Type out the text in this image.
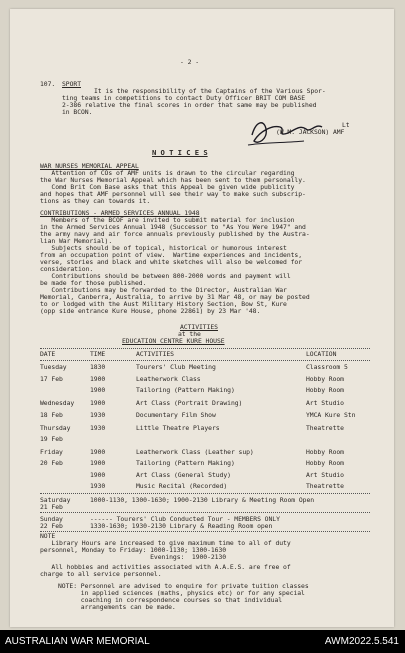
- 2 -
107. SPORT
It is the responsibility of the Captains of the Various Spor-
ting teams in competitions to contact Duty Officer BRIT COM BASE
2-386 relative the final scores in order that same may be published
in BCON.
Lt
(W.M. JACKSON) AMF
N O T I C E S
WAR NURSES MEMORIAL APPEAL
Attention of COs of AMF units is drawn to the circular regarding
the War Nurses Memorial Appeal which has been sent to them personally.
Comd Brit Com Base asks that this Appeal be given wide publicity
and hopes that AMF personnel will see their way to make such subscrip-
tions as they can towards it.
CONTRIBUTIONS - ARMED SERVICES ANNUAL 1948
Members of the BCOF are invited to submit material for inclusion
in the Armed Services Annual 1948 (Successor to "As You Were 1947" and
the army navy and air force annuals previously published by the Austra-
lian War Memorial).
Subjects should be of topical, historical or humorous interest
from an occupation point of view.  Wartime experiences and incidents,
verse, stories and black and white sketches will also be welcomed for
consideration.
Contributions should be between 800-2000 words and payment will
be made for those published.
Contributions may be forwarded to the Director, Australian War
Memorial, Canberra, Australia, to arrive by 31 Mar 48, or may be posted
to or lodged with the Aust Military History Section, Bow St, Kure
(opp side entrance Kure House, phone 22861) by 23 Mar '48.
ACTIVITIES
at the
EDUCATION CENTRE KURE HOUSE
DATE	TIME	ACTIVITIES	LOCATION
Tuesday	1830	Tourers' Club Meeting	Classroom 5
17 Feb	1900	Leatherwork Class	Hobby Room
1900	Tailoring (Pattern Making)	Hobby Room
Wednesday 1900	Art Class (Portrait Drawing)	Art Studio
18 Feb	1930	Documentary Film Show	YMCA Kure Stn
Thursday	1930	Little Theatre Players	Theatrette
19 Feb
Friday	1900	Leatherwork Class (Leather sup)	Hobby Room
20 Feb	1900	Tailoring (Pattern Making)	Hobby Room
1900	Art Class (General Study)	Art Studio
1930	Music Recital (Recorded)	Theatrette
Saturday	1000-1130, 1300-1630; 1900-2130 Library & Meeting Room Open
21 Feb
Sunday	------ Tourers' Club Conducted Tour - MEMBERS ONLY
22 Feb	1330-1630; 1930-2130 Library & Reading Room open
NOTE
Library Hours are increased to give maximum time to all of duty
personnel, Monday to Friday: 1000-1130; 1300-1630
Evenings:  1900-2130
All hobbies and activities associated with A.A.E.S. are free of
charge to all service personnel.
NOTE: Personnel are advised to enquire for private tuition classes
in applied sciences (maths, physics etc) or for any special
coaching in correspondence courses so that individual
arrangements can be made.
AUSTRALIAN WAR MEMORIAL	AWM2022.5.541
